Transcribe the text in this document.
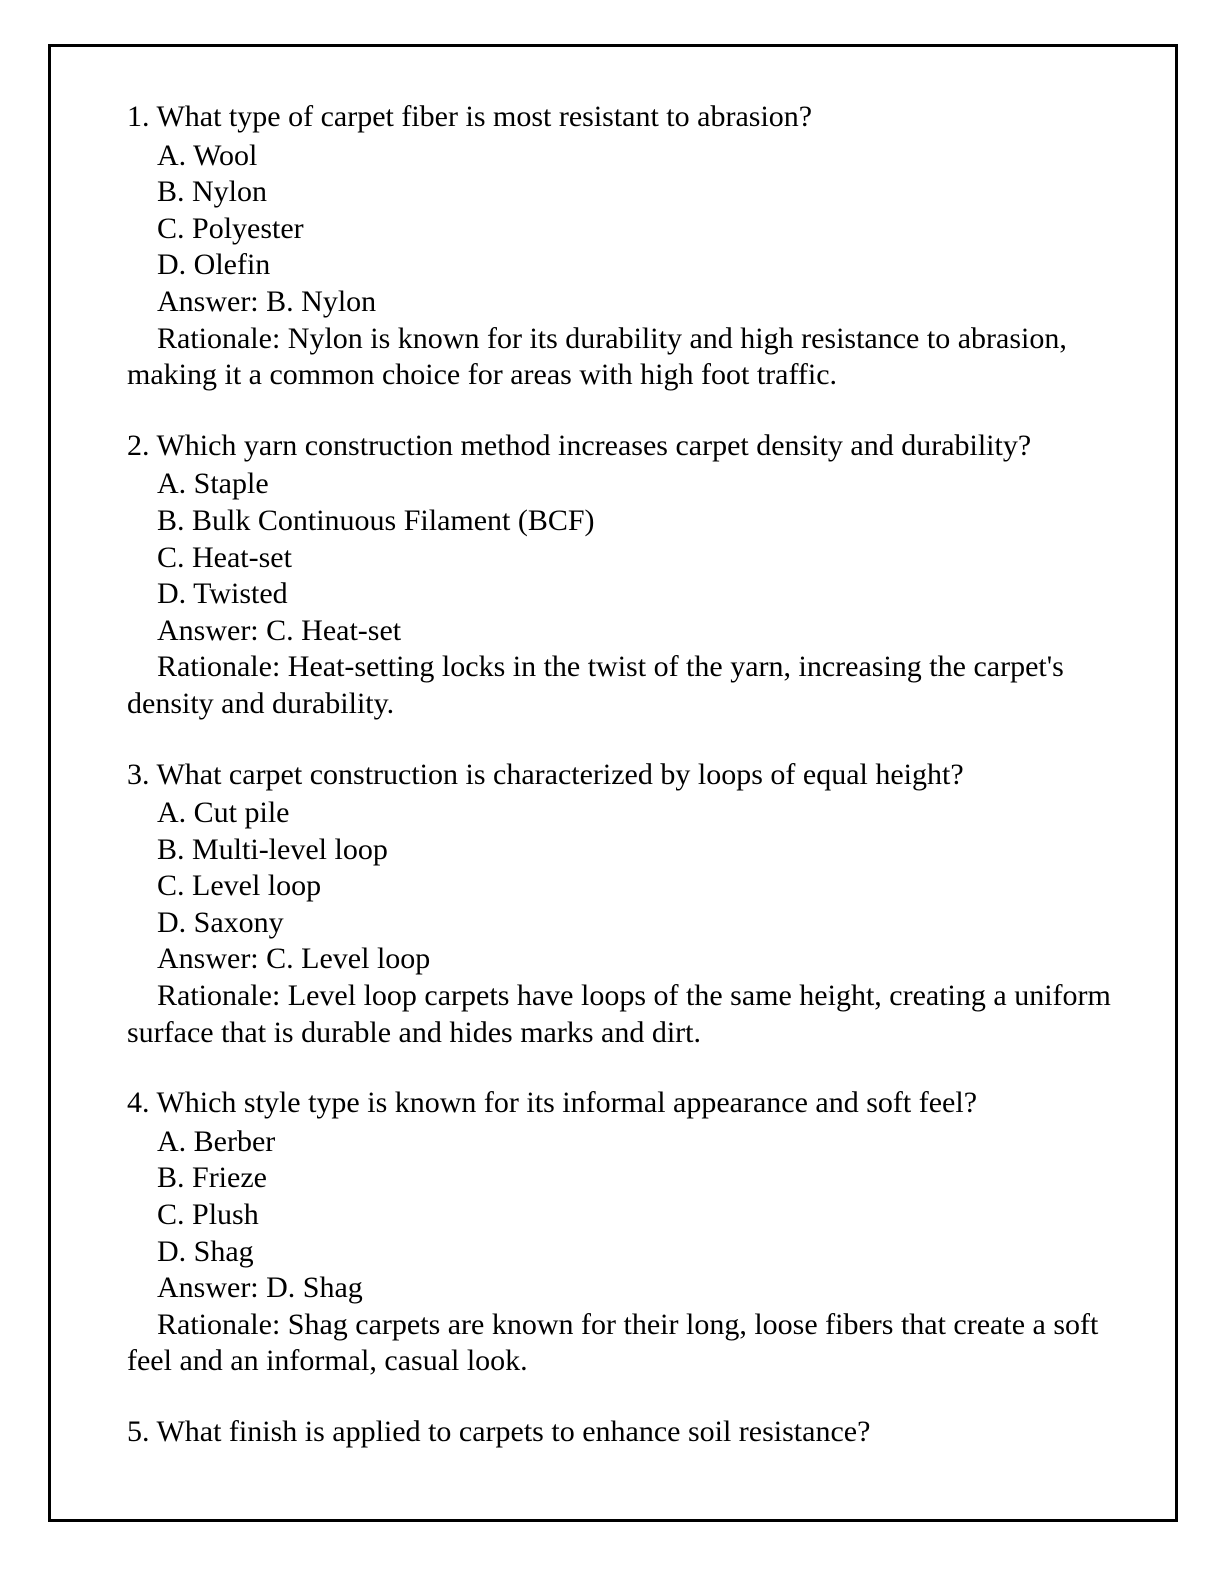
1. What type of carpet fiber is most resistant to abrasion?

A. Wool

B. Nylon

C. Polyester

D. Olefin

Answer: B. Nylon

Rationale: Nylon is known for its durability and high resistance to abrasion, making it a common choice for areas with high foot traffic.

2. Which yarn construction method increases carpet density and durability?

A. Staple

B. Bulk Continuous Filament (BCF)

C. Heat-set

D. Twisted

Answer: C. Heat-set

Rationale: Heat-setting locks in the twist of the yarn, increasing the carpet's density and durability.

3. What carpet construction is characterized by loops of equal height?

A. Cut pile

B. Multi-level loop

C. Level loop

D. Saxony

Answer: C. Level loop

Rationale: Level loop carpets have loops of the same height, creating a uniform surface that is durable and hides marks and dirt.

4. Which style type is known for its informal appearance and soft feel?

A. Berber

B. Frieze

C. Plush

D. Shag

Answer: D. Shag

Rationale: Shag carpets are known for their long, loose fibers that create a soft feel and an informal, casual look.

5. What finish is applied to carpets to enhance soil resistance?
